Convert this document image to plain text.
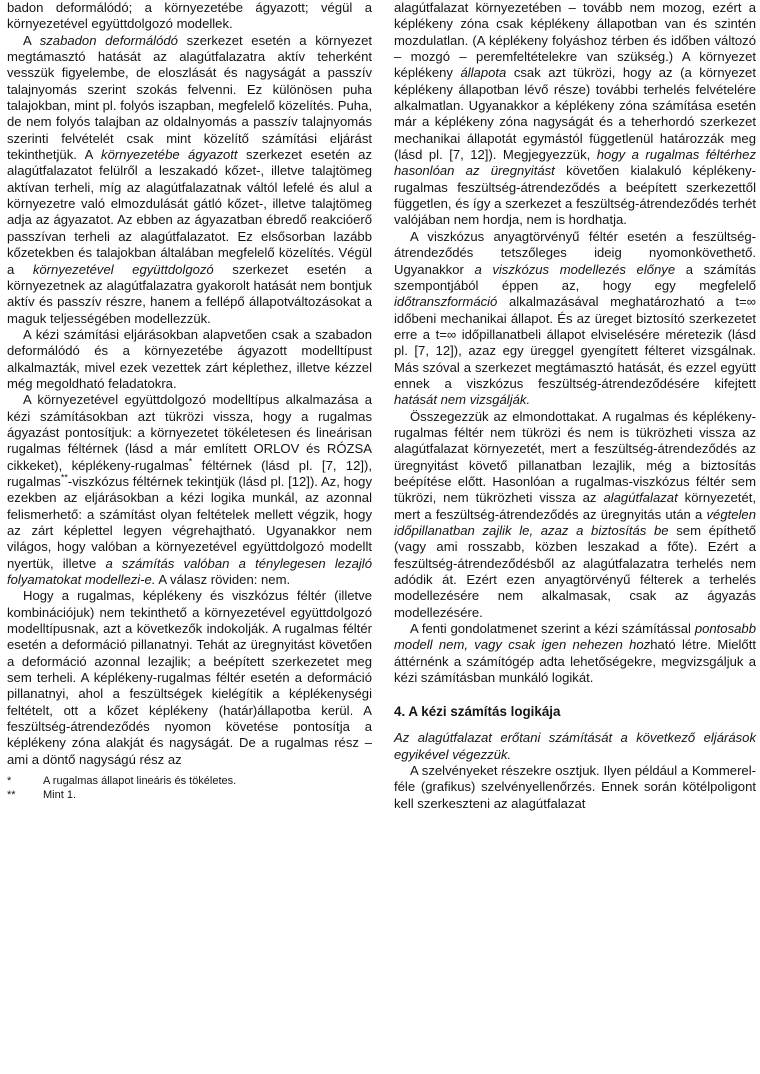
badon deformálódó; a környezetébe ágyazott; végül a környezetével együttdolgozó modellek.

A szabadon deformálódó szerkezet esetén a környezet megtámasztó hatását az alagútfalazatra aktív teherként vesszük figyelembe, de eloszlását és nagyságát a passzív talajnyomás szerint szokás felvenni. Ez különösen puha talajokban, mint pl. folyós iszapban, megfelelő közelítés. Puha, de nem folyós talajban az oldalnyomás a passzív talajnyomás szerinti felvételét csak mint közelítő számítási eljárást tekinthetjük. A környezetébe ágyazott szerkezet esetén az alagútfalazatot felülről a leszakadó kőzet-, illetve talajtömeg aktívan terheli, míg az alagútfalazatnak váltól lefelé és alul a környezetre való elmozdulását gátló kőzet-, illetve talajtömeg adja az ágyazatot. Az ebben az ágyazatban ébredő reakcióerő passzívan terheli az alagútfalazatot. Ez elsősorban lazább kőzetekben és talajokban általában megfelelő közelítés. Végül a környezetével együttdolgozó szerkezet esetén a környezetnek az alagútfalazatra gyakorolt hatását nem bontjuk aktív és passzív részre, hanem a fellépő állapotváltozásokat a maguk teljességében modellezzük.

A kézi számítási eljárásokban alapvetően csak a szabadon deformálódó és a környezetébe ágyazott modelltípust alkalmazták, mivel ezek vezettek zárt képlethez, illetve kézzel még megoldható feladatokra.

A környezetével együttdolgozó modelltípus alkalmazása a kézi számításokban azt tükrözi vissza, hogy a rugalmas ágyazást pontosítjuk: a környezetet tökéletesen és lineárisan rugalmas féltérnek (lásd a már említett ORLOV és RÓZSA cikkeket), képlékeny-rugalmas* féltérnek (lásd pl. [7, 12]), rugalmas**-viszkózus féltérnek tekintjük (lásd pl. [12]). Az, hogy ezekben az eljárásokban a kézi logika munkál, az azonnal felismerhető: a számítást olyan feltételek mellett végzik, hogy az zárt képlettel legyen végrehajtható. Ugyanakkor nem világos, hogy valóban a környezetével együttdolgozó modellt nyertük, illetve a számítás valóban a ténylegesen lezajló folyamatokat modellezi-e. A válasz röviden: nem.

Hogy a rugalmas, képlékeny és viszkózus féltér (illetve kombinációjuk) nem tekinthető a környezetével együttdolgozó modelltípusnak, azt a következők indokolják. A rugalmas féltér esetén a deformáció pillanatnyi. Tehát az üregnyitást követően a deformáció azonnal lezajlik; a beépített szerkezetet meg sem terheli. A képlékeny-rugalmas féltér esetén a deformáció pillanatnyi, ahol a feszültségek kielégítik a képlékenységi feltételt, ott a kőzet képlékeny (határ)állapotba kerül. A feszültség-átrendeződés nyomon követése pontosítja a képlékeny zóna alakját és nagyságát. De a rugalmas rész – ami a döntő nagyságú rész az

*	A rugalmas állapot lineáris és tökéletes.
**	Mint 1.

alagútfalazat környezetében – tovább nem mozog, ezért a képlékeny zóna csak képlékeny állapotban van és szintén mozdulatlan. (A képlékeny folyáshoz térben és időben változó – mozgó – peremfeltételekre van szükség.) A környezet képlékeny állapota csak azt tükrözi, hogy az (a környezet képlékeny állapotban lévő része) további terhelés felvételére alkalmatlan. Ugyanakkor a képlékeny zóna számítása esetén már a képlékeny zóna nagyságát és a teherhordó szerkezet mechanikai állapotát egymástól függetlenül határozzák meg (lásd pl. [7, 12]). Megjegyezzük, hogy a rugalmas féltérhez hasonlóan az üregnyitást követően kialakuló képlékeny-rugalmas feszültség-átrendeződés a beépített szerkezettől független, és így a szerkezet a feszültség-átrendeződés terhét valójában nem hordja, nem is hordhatja.

A viszkózus anyagtörvényű féltér esetén a feszültség-átrendeződés tetszőleges ideig nyomonkövethető. Ugyanakkor a viszkózus modellezés előnye a számítás szempontjából éppen az, hogy egy megfelelő időtranszformáció alkalmazásával meghatározható a t=∞ időbeni mechanikai állapot. És az üreget biztosító szerkezetet erre a t=∞ időpillanatbeli állapot elviselésére méretezik (lásd pl. [7, 12]), azaz egy üreggel gyengített félteret vizsgálnak. Más szóval a szerkezet megtámasztó hatását, és ezzel együtt ennek a viszkózus feszültség-átrendeződésére kifejtett hatását nem vizsgálják.

Összegezzük az elmondottakat. A rugalmas és képlékeny-rugalmas féltér nem tükrözi és nem is tükrözheti vissza az alagútfalazat környezetét, mert a feszültség-átrendeződés az üregnyitást követő pillanatban lezajlik, még a biztosítás beépítése előtt. Hasonlóan a rugalmas-viszkózus féltér sem tükrözi, nem tükrözheti vissza az alagútfalazat környezetét, mert a feszültség-átrendeződés az üregnyitás után a végtelen időpillanatban zajlik le, azaz a biztosítás be sem építhető (vagy ami rosszabb, közben leszakad a főte). Ezért a feszültség-átrendeződésből az alagútfalazatra terhelés nem adódik át. Ezért ezen anyagtörvényű félterek a terhelés modellezésére nem alkalmasak, csak az ágyazás modellezésére.

A fenti gondolatmenet szerint a kézi számítással pontosabb modell nem, vagy csak igen nehezen hozható létre. Mielőtt áttérnénk a számítógép adta lehetőségekre, megvizsgáljuk a kézi számításban munkáló logikát.

4. A kézi számítás logikája

Az alagútfalazat erőtani számítását a következő eljárások egyikével végezzük.

A szelvényeket részekre osztjuk. Ilyen például a Kommerel-féle (grafikus) szelvényellenőrzés. Ennek során kötélpoligont kell szerkeszteni az alagútfalazat
